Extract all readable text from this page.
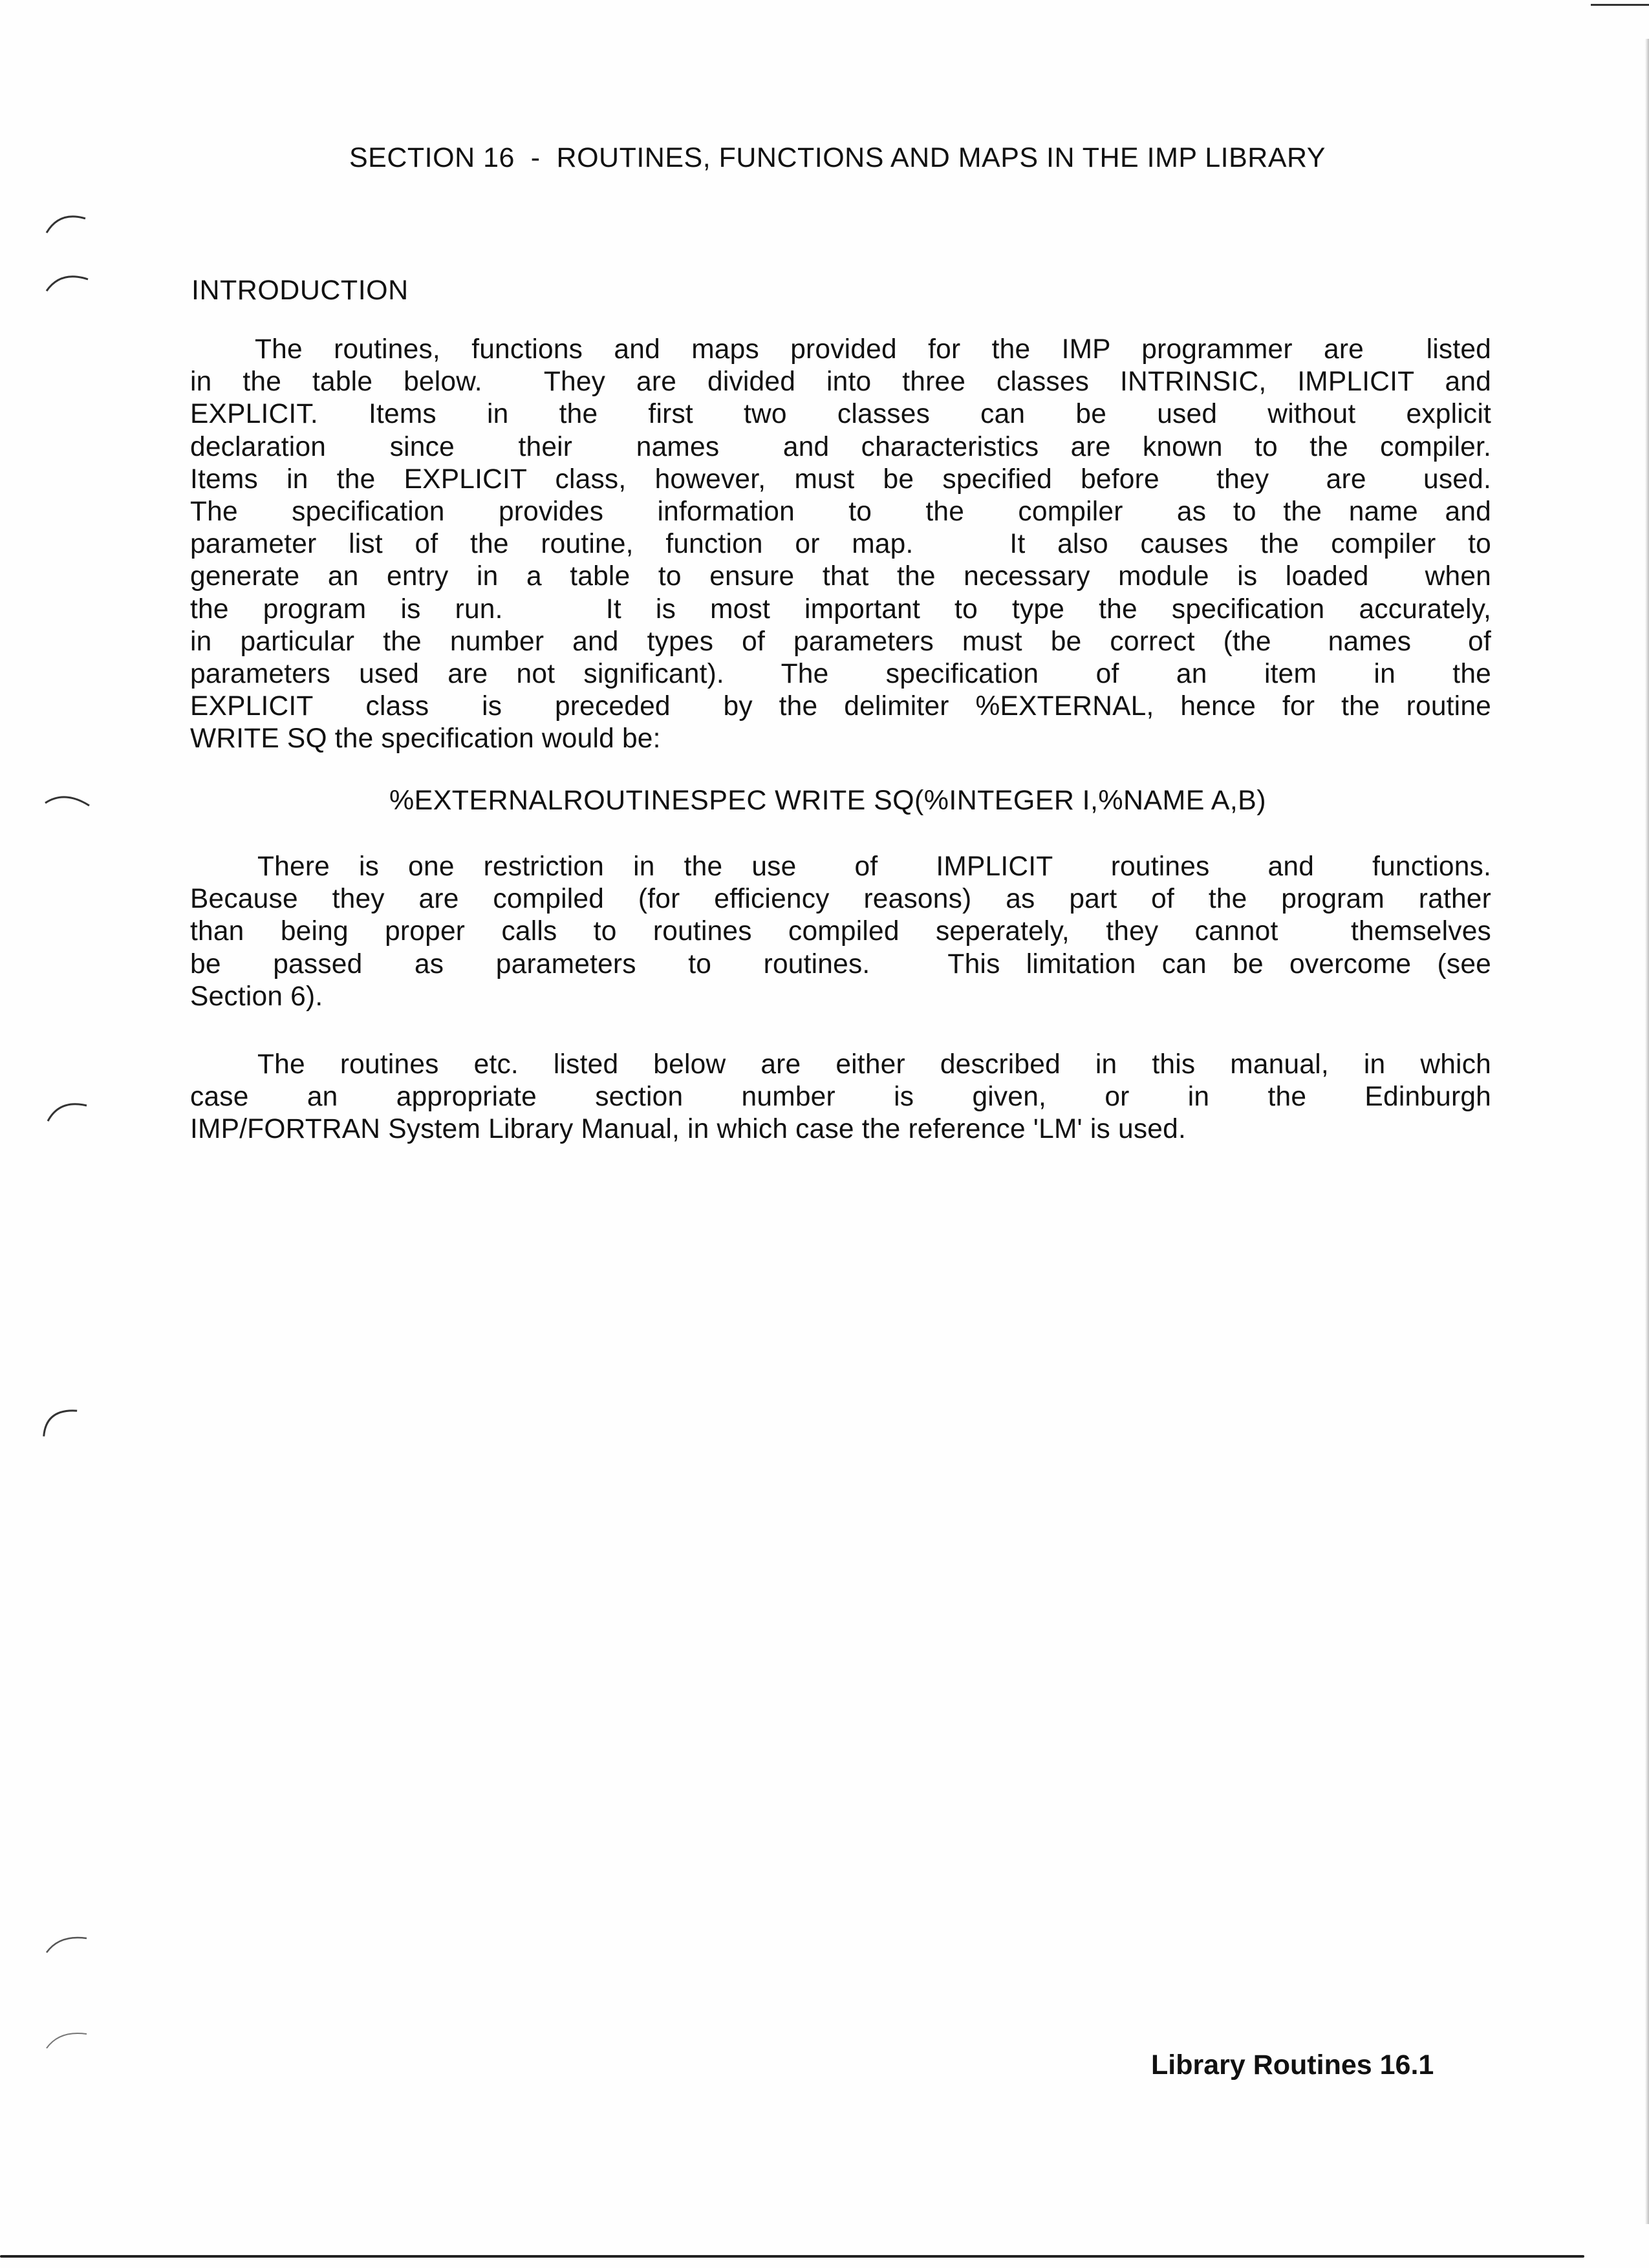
SECTION 16  -  ROUTINES, FUNCTIONS AND MAPS IN THE IMP LIBRARY
INTRODUCTION
The routines, functions and maps provided for the IMP programmer are  listed
in the table below.  They are divided into three classes INTRINSIC, IMPLICIT and
EXPLICIT.  Items  in  the  first  two  classes  can  be  used  without  explicit
declaration  since  their  names  and characteristics are known to the compiler.
Items in the EXPLICIT class, however, must be specified before  they  are  used.
The  specification  provides  information  to  the  compiler  as to the name and
parameter list of the routine, function or map.   It also causes the compiler to
generate an entry in a table to ensure that the necessary module is loaded  when
the program is run.   It is most important to type the specification accurately,
in particular the number and types of parameters must be correct (the  names  of
parameters used are not significant).  The  specification  of  an  item  in  the
EXPLICIT  class  is  preceded  by the delimiter %EXTERNAL, hence for the routine
WRITE SQ the specification would be:
%EXTERNALROUTINESPEC WRITE SQ(%INTEGER I,%NAME A,B)
There is one restriction in the use  of  IMPLICIT  routines  and  functions.
Because they are compiled (for efficiency reasons) as part of the program rather
than being proper calls to routines compiled seperately, they cannot  themselves
be  passed  as  parameters  to  routines.   This limitation can be overcome (see
Section 6).
The routines etc. listed below are either described in this manual, in which
case  an  appropriate  section  number  is  given,  or  in  the  Edinburgh
IMP/FORTRAN System Library Manual, in which case the reference 'LM' is used.
Library Routines 16.1
